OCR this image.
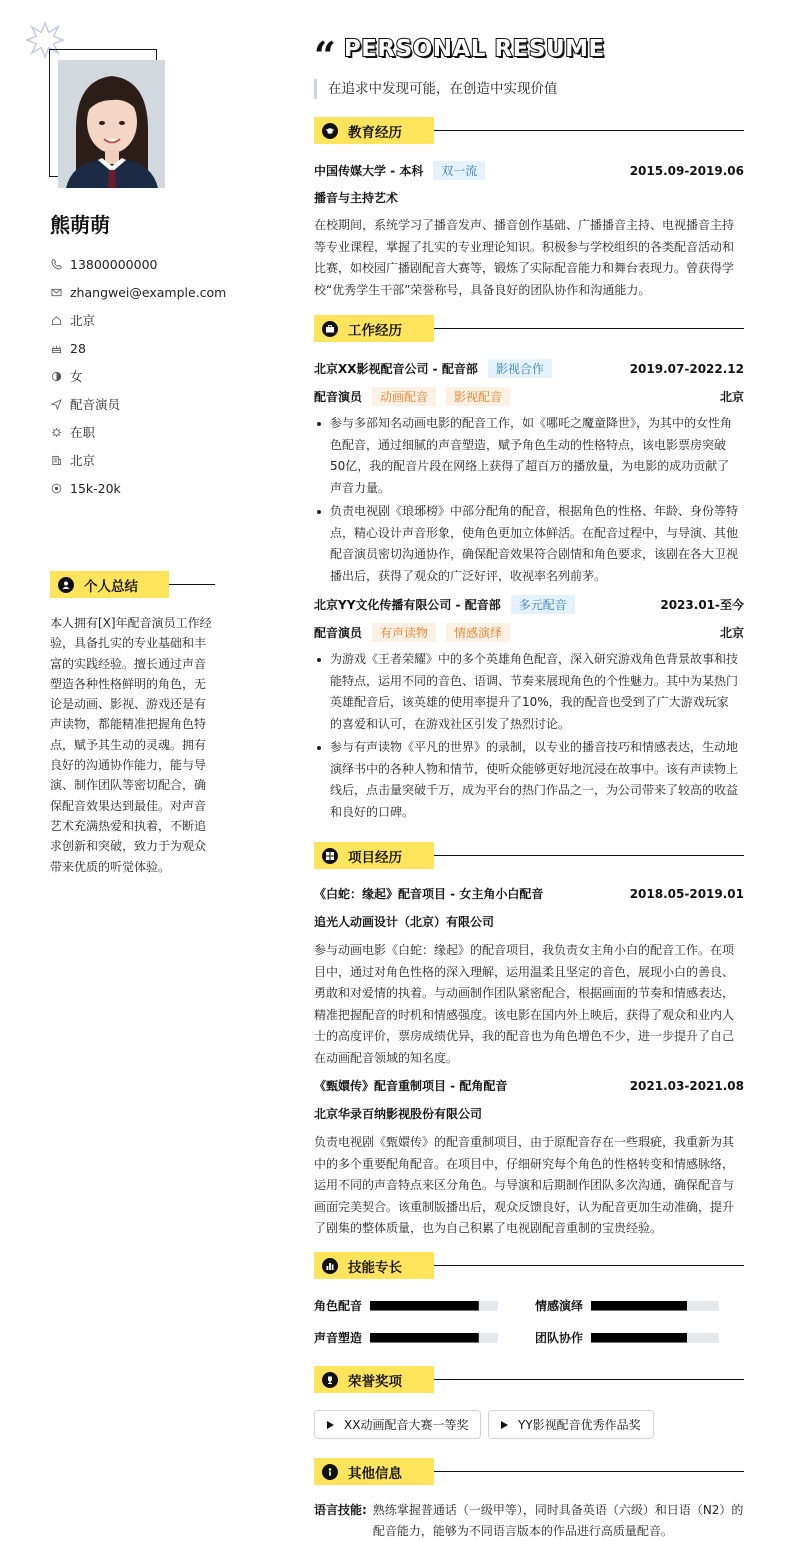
熊萌萌
13800000000
zhangwei@example.com
北京
28
女
配音演员
在职
北京
15k-20k
个人总结
本人拥有[X]年配音演员工作经验，具备扎实的专业基础和丰富的实践经验。擅长通过声音塑造各种性格鲜明的角色，无论是动画、影视、游戏还是有声读物，都能精准把握角色特点，赋予其生动的灵魂。拥有良好的沟通协作能力，能与导演、制作团队等密切配合，确保配音效果达到最佳。对声音艺术充满热爱和执着，不断追求创新和突破，致力于为观众带来优质的听觉体验。
“ PERSONAL RESUME
在追求中发现可能，在创造中实现价值
教育经历
中国传媒大学 - 本科	双一流	2015.09-2019.06
播音与主持艺术
在校期间，系统学习了播音发声、播音创作基础、广播播音主持、电视播音主持等专业课程，掌握了扎实的专业理论知识。积极参与学校组织的各类配音活动和比赛，如校园广播剧配音大赛等，锻炼了实际配音能力和舞台表现力。曾获得学校“优秀学生干部”荣誉称号，具备良好的团队协作和沟通能力。
工作经历
北京XX影视配音公司 - 配音部	影视合作	2019.07-2022.12
配音演员	动画配音	影视配音	北京
参与多部知名动画电影的配音工作，如《哪吒之魔童降世》，为其中的女性角色配音，通过细腻的声音塑造，赋予角色生动的性格特点，该电影票房突破50亿，我的配音片段在网络上获得了超百万的播放量，为电影的成功贡献了声音力量。
负责电视剧《琅琊榜》中部分配角的配音，根据角色的性格、年龄、身份等特点，精心设计声音形象，使角色更加立体鲜活。在配音过程中，与导演、其他配音演员密切沟通协作，确保配音效果符合剧情和角色要求，该剧在各大卫视播出后，获得了观众的广泛好评，收视率名列前茅。
北京YY文化传播有限公司 - 配音部	多元配音	2023.01-至今
配音演员	有声读物	情感演绎	北京
为游戏《王者荣耀》中的多个英雄角色配音，深入研究游戏角色背景故事和技能特点，运用不同的音色、语调、节奏来展现角色的个性魅力。其中为某热门英雄配音后，该英雄的使用率提升了10%，我的配音也受到了广大游戏玩家的喜爱和认可，在游戏社区引发了热烈讨论。
参与有声读物《平凡的世界》的录制，以专业的播音技巧和情感表达，生动地演绎书中的各种人物和情节，使听众能够更好地沉浸在故事中。该有声读物上线后，点击量突破千万，成为平台的热门作品之一，为公司带来了较高的收益和良好的口碑。
项目经历
《白蛇：缘起》配音项目 - 女主角小白配音	2018.05-2019.01
追光人动画设计（北京）有限公司
参与动画电影《白蛇：缘起》的配音项目，我负责女主角小白的配音工作。在项目中，通过对角色性格的深入理解，运用温柔且坚定的音色，展现小白的善良、勇敢和对爱情的执着。与动画制作团队紧密配合，根据画面的节奏和情感表达，精准把握配音的时机和情感强度。该电影在国内外上映后，获得了观众和业内人士的高度评价，票房成绩优异，我的配音也为角色增色不少，进一步提升了自己在动画配音领域的知名度。
《甄嬛传》配音重制项目 - 配角配音	2021.03-2021.08
北京华录百纳影视股份有限公司
负责电视剧《甄嬛传》的配音重制项目，由于原配音存在一些瑕疵，我重新为其中的多个重要配角配音。在项目中，仔细研究每个角色的性格转变和情感脉络，运用不同的声音特点来区分角色。与导演和后期制作团队多次沟通，确保配音与画面完美契合。该重制版播出后，观众反馈良好，认为配音更加生动准确，提升了剧集的整体质量，也为自己积累了电视剧配音重制的宝贵经验。
技能专长
角色配音	情感演绎
声音塑造	团队协作
荣誉奖项
XX动画配音大赛一等奖	YY影视配音优秀作品奖
其他信息
语言技能: 熟练掌握普通话（一级甲等），同时具备英语（六级）和日语（N2）的配音能力，能够为不同语言版本的作品进行高质量配音。
